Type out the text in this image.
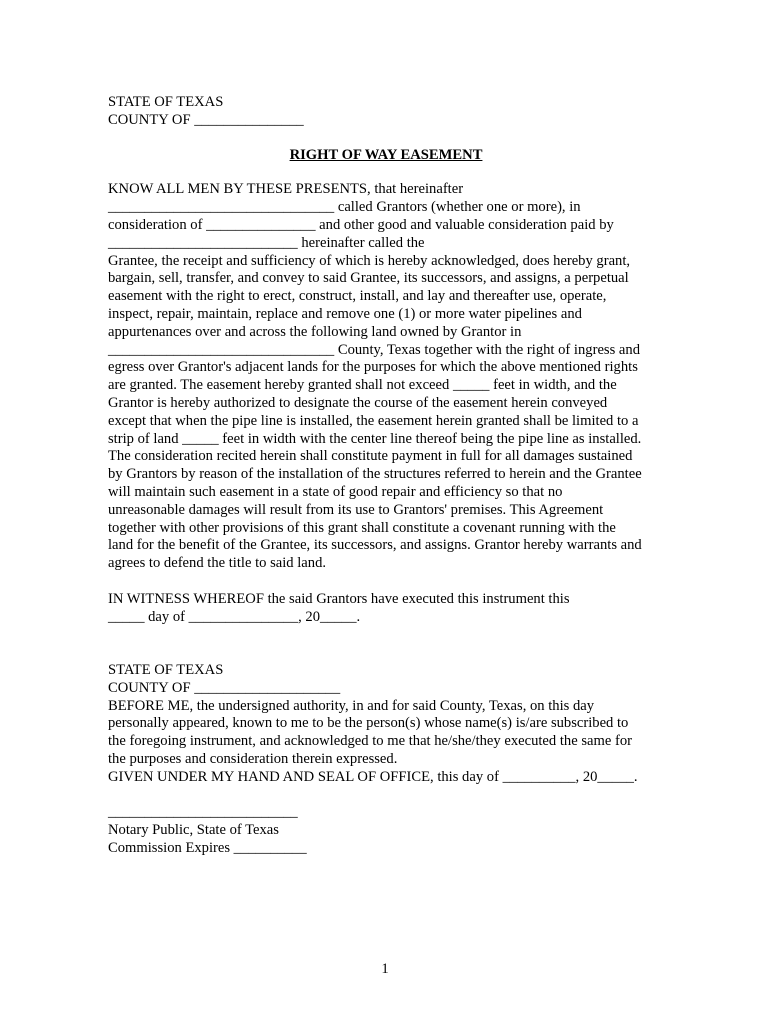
STATE OF TEXAS
COUNTY OF _______________
RIGHT OF WAY EASEMENT
KNOW ALL MEN BY THESE PRESENTS, that hereinafter
_______________________________ called Grantors (whether one or more), in
consideration of _______________ and other good and valuable consideration paid by
__________________________ hereinafter called the
Grantee, the receipt and sufficiency of which is hereby acknowledged, does hereby grant,
bargain, sell, transfer, and convey to said Grantee, its successors, and assigns, a perpetual
easement with the right to erect, construct, install, and lay and thereafter use, operate,
inspect, repair, maintain, replace and remove one (1) or more water pipelines and
appurtenances over and across the following land owned by Grantor in
_______________________________ County, Texas together with the right of ingress and
egress over Grantor's adjacent lands for the purposes for which the above mentioned rights
are granted. The easement hereby granted shall not exceed _____ feet in width, and the
Grantor is hereby authorized to designate the course of the easement herein conveyed
except that when the pipe line is installed, the easement herein granted shall be limited to a
strip of land _____ feet in width with the center line thereof being the pipe line as installed.
The consideration recited herein shall constitute payment in full for all damages sustained
by Grantors by reason of the installation of the structures referred to herein and the Grantee
will maintain such easement in a state of good repair and efficiency so that no
unreasonable damages will result from its use to Grantors' premises. This Agreement
together with other provisions of this grant shall constitute a covenant running with the
land for the benefit of the Grantee, its successors, and assigns. Grantor hereby warrants and
agrees to defend the title to said land.
IN WITNESS WHEREOF the said Grantors have executed this instrument this
_____ day of _______________, 20_____.
STATE OF TEXAS
COUNTY OF ____________________
BEFORE ME, the undersigned authority, in and for said County, Texas, on this day
personally appeared, known to me to be the person(s) whose name(s) is/are subscribed to
the foregoing instrument, and acknowledged to me that he/she/they executed the same for
the purposes and consideration therein expressed.
GIVEN UNDER MY HAND AND SEAL OF OFFICE, this day of __________, 20_____.
__________________________
Notary Public, State of Texas
Commission Expires __________
1
